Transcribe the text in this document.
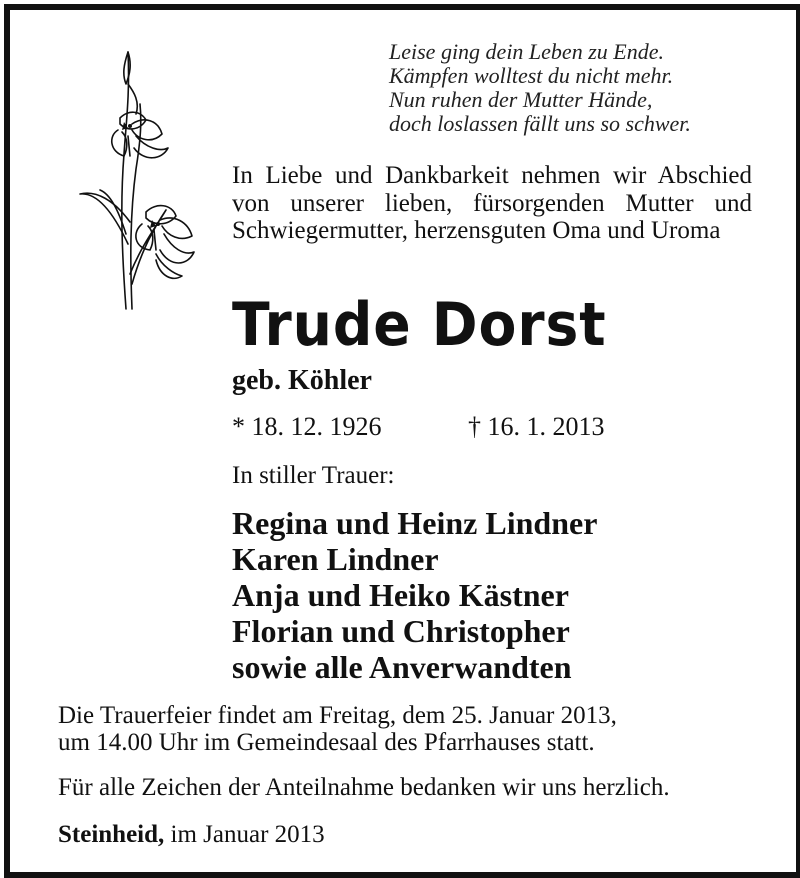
Leise ging dein Leben zu Ende.
Kämpfen wolltest du nicht mehr.
Nun ruhen der Mutter Hände,
doch loslassen fällt uns so schwer.
In Liebe und Dankbarkeit nehmen wir Abschied von unserer lieben, fürsorgenden Mutter und Schwiegermutter, herzensguten Oma und Uroma
Trude Dorst
geb. Köhler
* 18. 12. 1926	† 16. 1. 2013
In stiller Trauer:
Regina und Heinz Lindner
Karen Lindner
Anja und Heiko Kästner
Florian und Christopher
sowie alle Anverwandten
Die Trauerfeier findet am Freitag, dem 25. Januar 2013,
um 14.00 Uhr im Gemeindesaal des Pfarrhauses statt.
Für alle Zeichen der Anteilnahme bedanken wir uns herzlich.
Steinheid, im Januar 2013
